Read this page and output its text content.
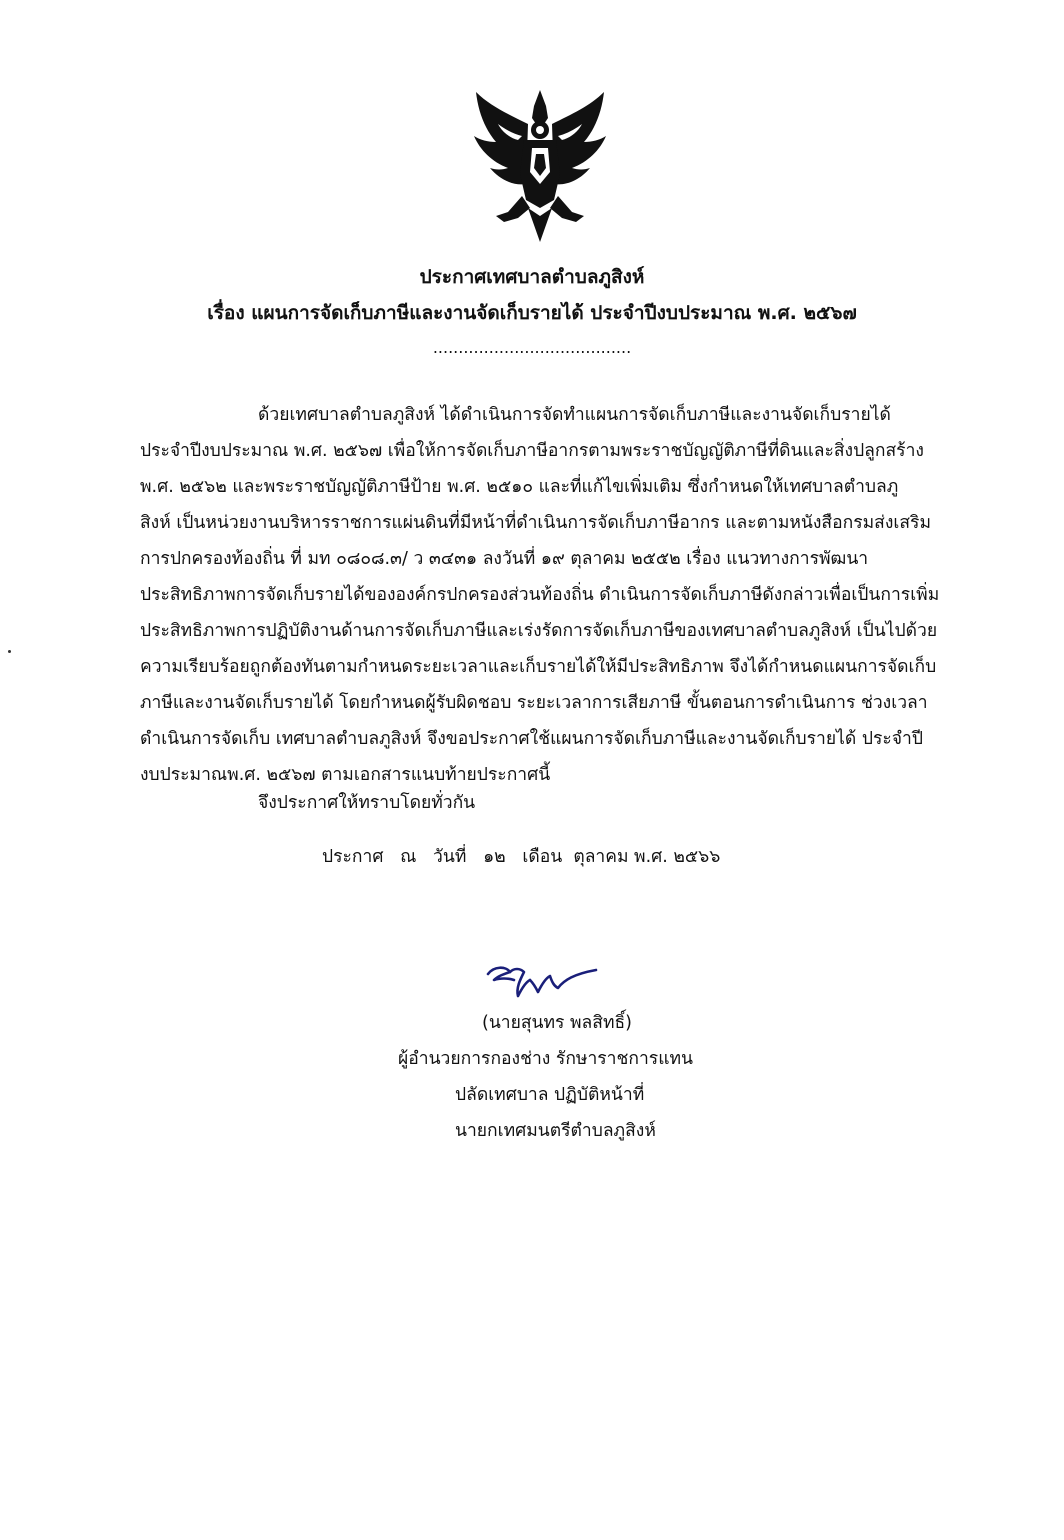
ประกาศเทศบาลตำบลภูสิงห์
เรื่อง แผนการจัดเก็บภาษีและงานจัดเก็บรายได้ ประจำปีงบประมาณ พ.ศ. ๒๕๖๗
.......................................
ด้วยเทศบาลตำบลภูสิงห์ ได้ดำเนินการจัดทำแผนการจัดเก็บภาษีและงานจัดเก็บรายได้
ประจำปีงบประมาณ พ.ศ. ๒๕๖๗ เพื่อให้การจัดเก็บภาษีอากรตามพระราชบัญญัติภาษีที่ดินและสิ่งปลูกสร้าง
พ.ศ. ๒๕๖๒ และพระราชบัญญัติภาษีป้าย พ.ศ. ๒๕๑๐ และที่แก้ไขเพิ่มเติม ซึ่งกำหนดให้เทศบาลตำบลภู
สิงห์ เป็นหน่วยงานบริหารราชการแผ่นดินที่มีหน้าที่ดำเนินการจัดเก็บภาษีอากร และตามหนังสือกรมส่งเสริม
การปกครองท้องถิ่น ที่ มท ๐๘๐๘.๓/ ว ๓๔๓๑ ลงวันที่ ๑๙ ตุลาคม ๒๕๕๒ เรื่อง แนวทางการพัฒนา
ประสิทธิภาพการจัดเก็บรายได้ขององค์กรปกครองส่วนท้องถิ่น ดำเนินการจัดเก็บภาษีดังกล่าวเพื่อเป็นการเพิ่ม
ประสิทธิภาพการปฏิบัติงานด้านการจัดเก็บภาษีและเร่งรัดการจัดเก็บภาษีของเทศบาลตำบลภูสิงห์ เป็นไปด้วย
ความเรียบร้อยถูกต้องทันตามกำหนดระยะเวลาและเก็บรายได้ให้มีประสิทธิภาพ จึงได้กำหนดแผนการจัดเก็บ
ภาษีและงานจัดเก็บรายได้ โดยกำหนดผู้รับผิดชอบ ระยะเวลาการเสียภาษี ขั้นตอนการดำเนินการ ช่วงเวลา
ดำเนินการจัดเก็บ เทศบาลตำบลภูสิงห์ จึงขอประกาศใช้แผนการจัดเก็บภาษีและงานจัดเก็บรายได้ ประจำปี
งบประมาณพ.ศ. ๒๕๖๗ ตามเอกสารแนบท้ายประกาศนี้
จึงประกาศให้ทราบโดยทั่วกัน
ประกาศ   ณ   วันที่   ๑๒   เดือน  ตุลาคม พ.ศ. ๒๕๖๖
(นายสุนทร พลสิทธิ์)
ผู้อำนวยการกองช่าง รักษาราชการแทน
ปลัดเทศบาล ปฏิบัติหน้าที่
นายกเทศมนตรีตำบลภูสิงห์
